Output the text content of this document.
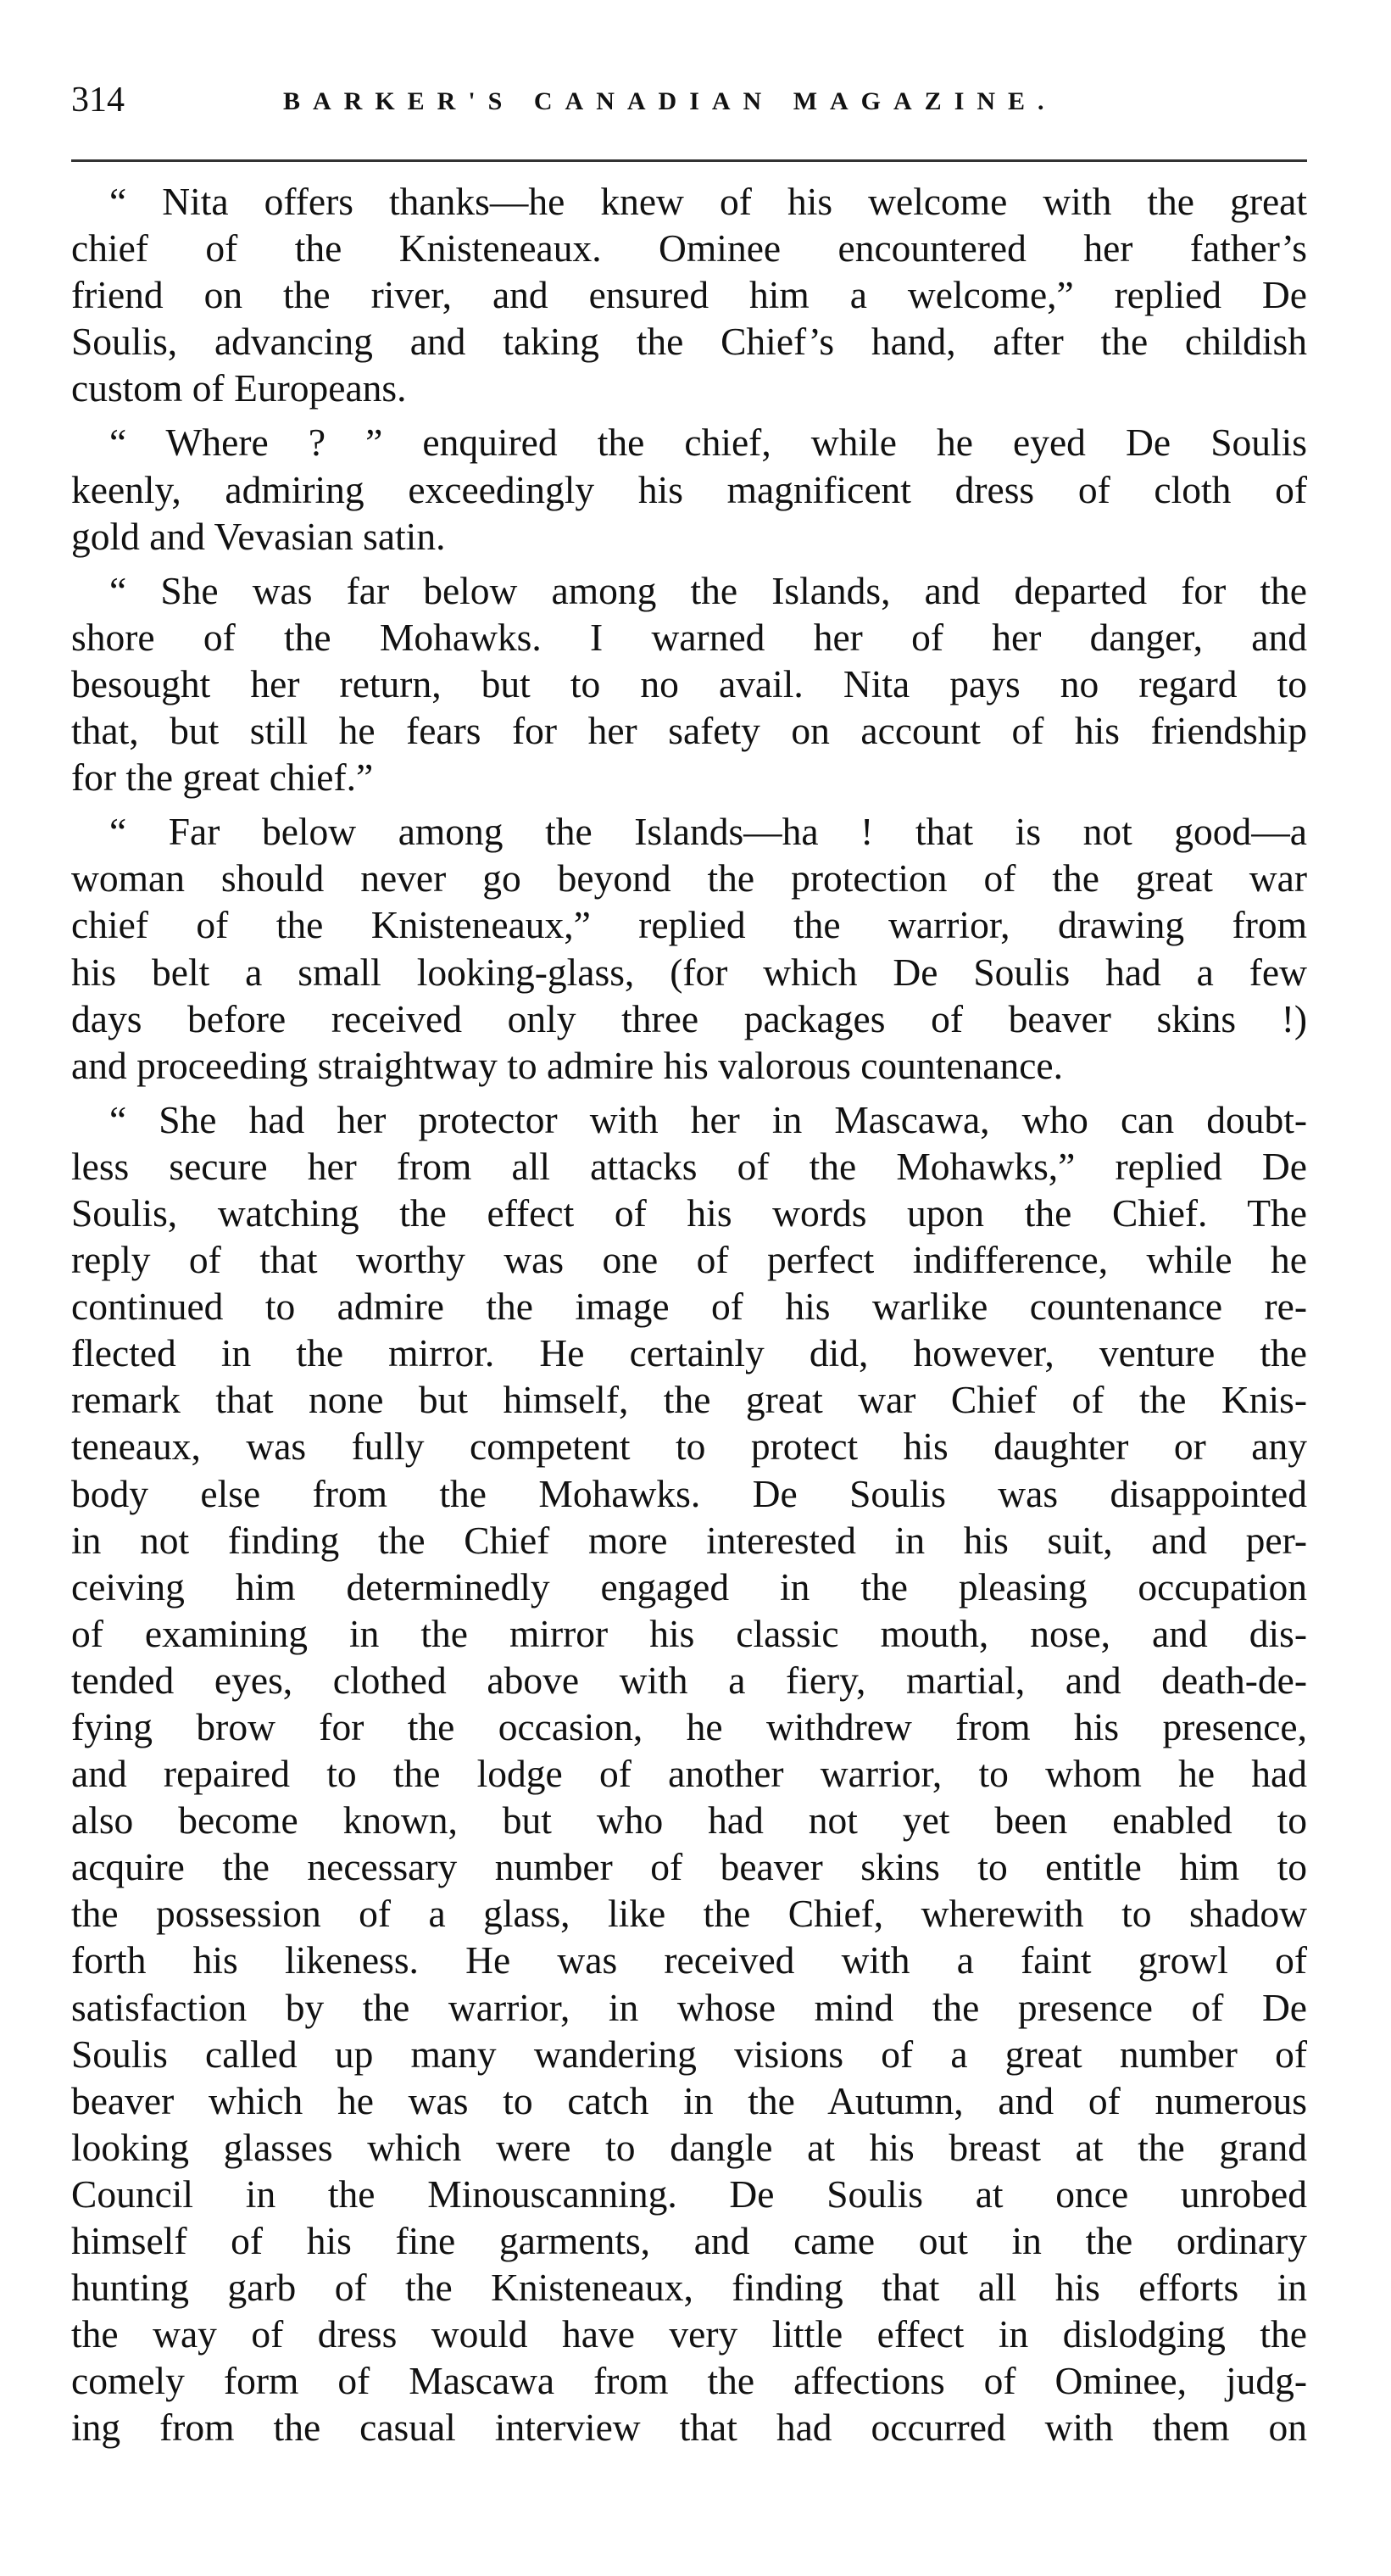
314	BARKER'S CANADIAN MAGAZINE.

“ Nita offers thanks—he knew of his welcome with the great
chief of the Knisteneaux. Ominee encountered her father’s
friend on the river, and ensured him a welcome,” replied De
Soulis, advancing and taking the Chief’s hand, after the childish
custom of Europeans.

“ Where ? ” enquired the chief, while he eyed De Soulis
keenly, admiring exceedingly his magnificent dress of cloth of
gold and Vevasian satin.

“ She was far below among the Islands, and departed for the
shore of the Mohawks. I warned her of her danger, and
besought her return, but to no avail. Nita pays no regard to
that, but still he fears for her safety on account of his friendship
for the great chief.”

“ Far below among the Islands—ha ! that is not good—a
woman should never go beyond the protection of the great war
chief of the Knisteneaux,” replied the warrior, drawing from
his belt a small looking-glass, (for which De Soulis had a few
days before received only three packages of beaver skins !)
and proceeding straightway to admire his valorous countenance.

“ She had her protector with her in Mascawa, who can doubt-
less secure her from all attacks of the Mohawks,” replied De
Soulis, watching the effect of his words upon the Chief. The
reply of that worthy was one of perfect indifference, while he
continued to admire the image of his warlike countenance re-
flected in the mirror. He certainly did, however, venture the
remark that none but himself, the great war Chief of the Knis-
teneaux, was fully competent to protect his daughter or any
body else from the Mohawks. De Soulis was disappointed
in not finding the Chief more interested in his suit, and per-
ceiving him determinedly engaged in the pleasing occupation
of examining in the mirror his classic mouth, nose, and dis-
tended eyes, clothed above with a fiery, martial, and death-de-
fying brow for the occasion, he withdrew from his presence,
and repaired to the lodge of another warrior, to whom he had
also become known, but who had not yet been enabled to
acquire the necessary number of beaver skins to entitle him to
the possession of a glass, like the Chief, wherewith to shadow
forth his likeness. He was received with a faint growl of
satisfaction by the warrior, in whose mind the presence of De
Soulis called up many wandering visions of a great number of
beaver which he was to catch in the Autumn, and of numerous
looking glasses which were to dangle at his breast at the grand
Council in the Minouscanning. De Soulis at once unrobed
himself of his fine garments, and came out in the ordinary
hunting garb of the Knisteneaux, finding that all his efforts in
the way of dress would have very little effect in dislodging the
comely form of Mascawa from the affections of Ominee, judg-
ing from the casual interview that had occurred with them on
